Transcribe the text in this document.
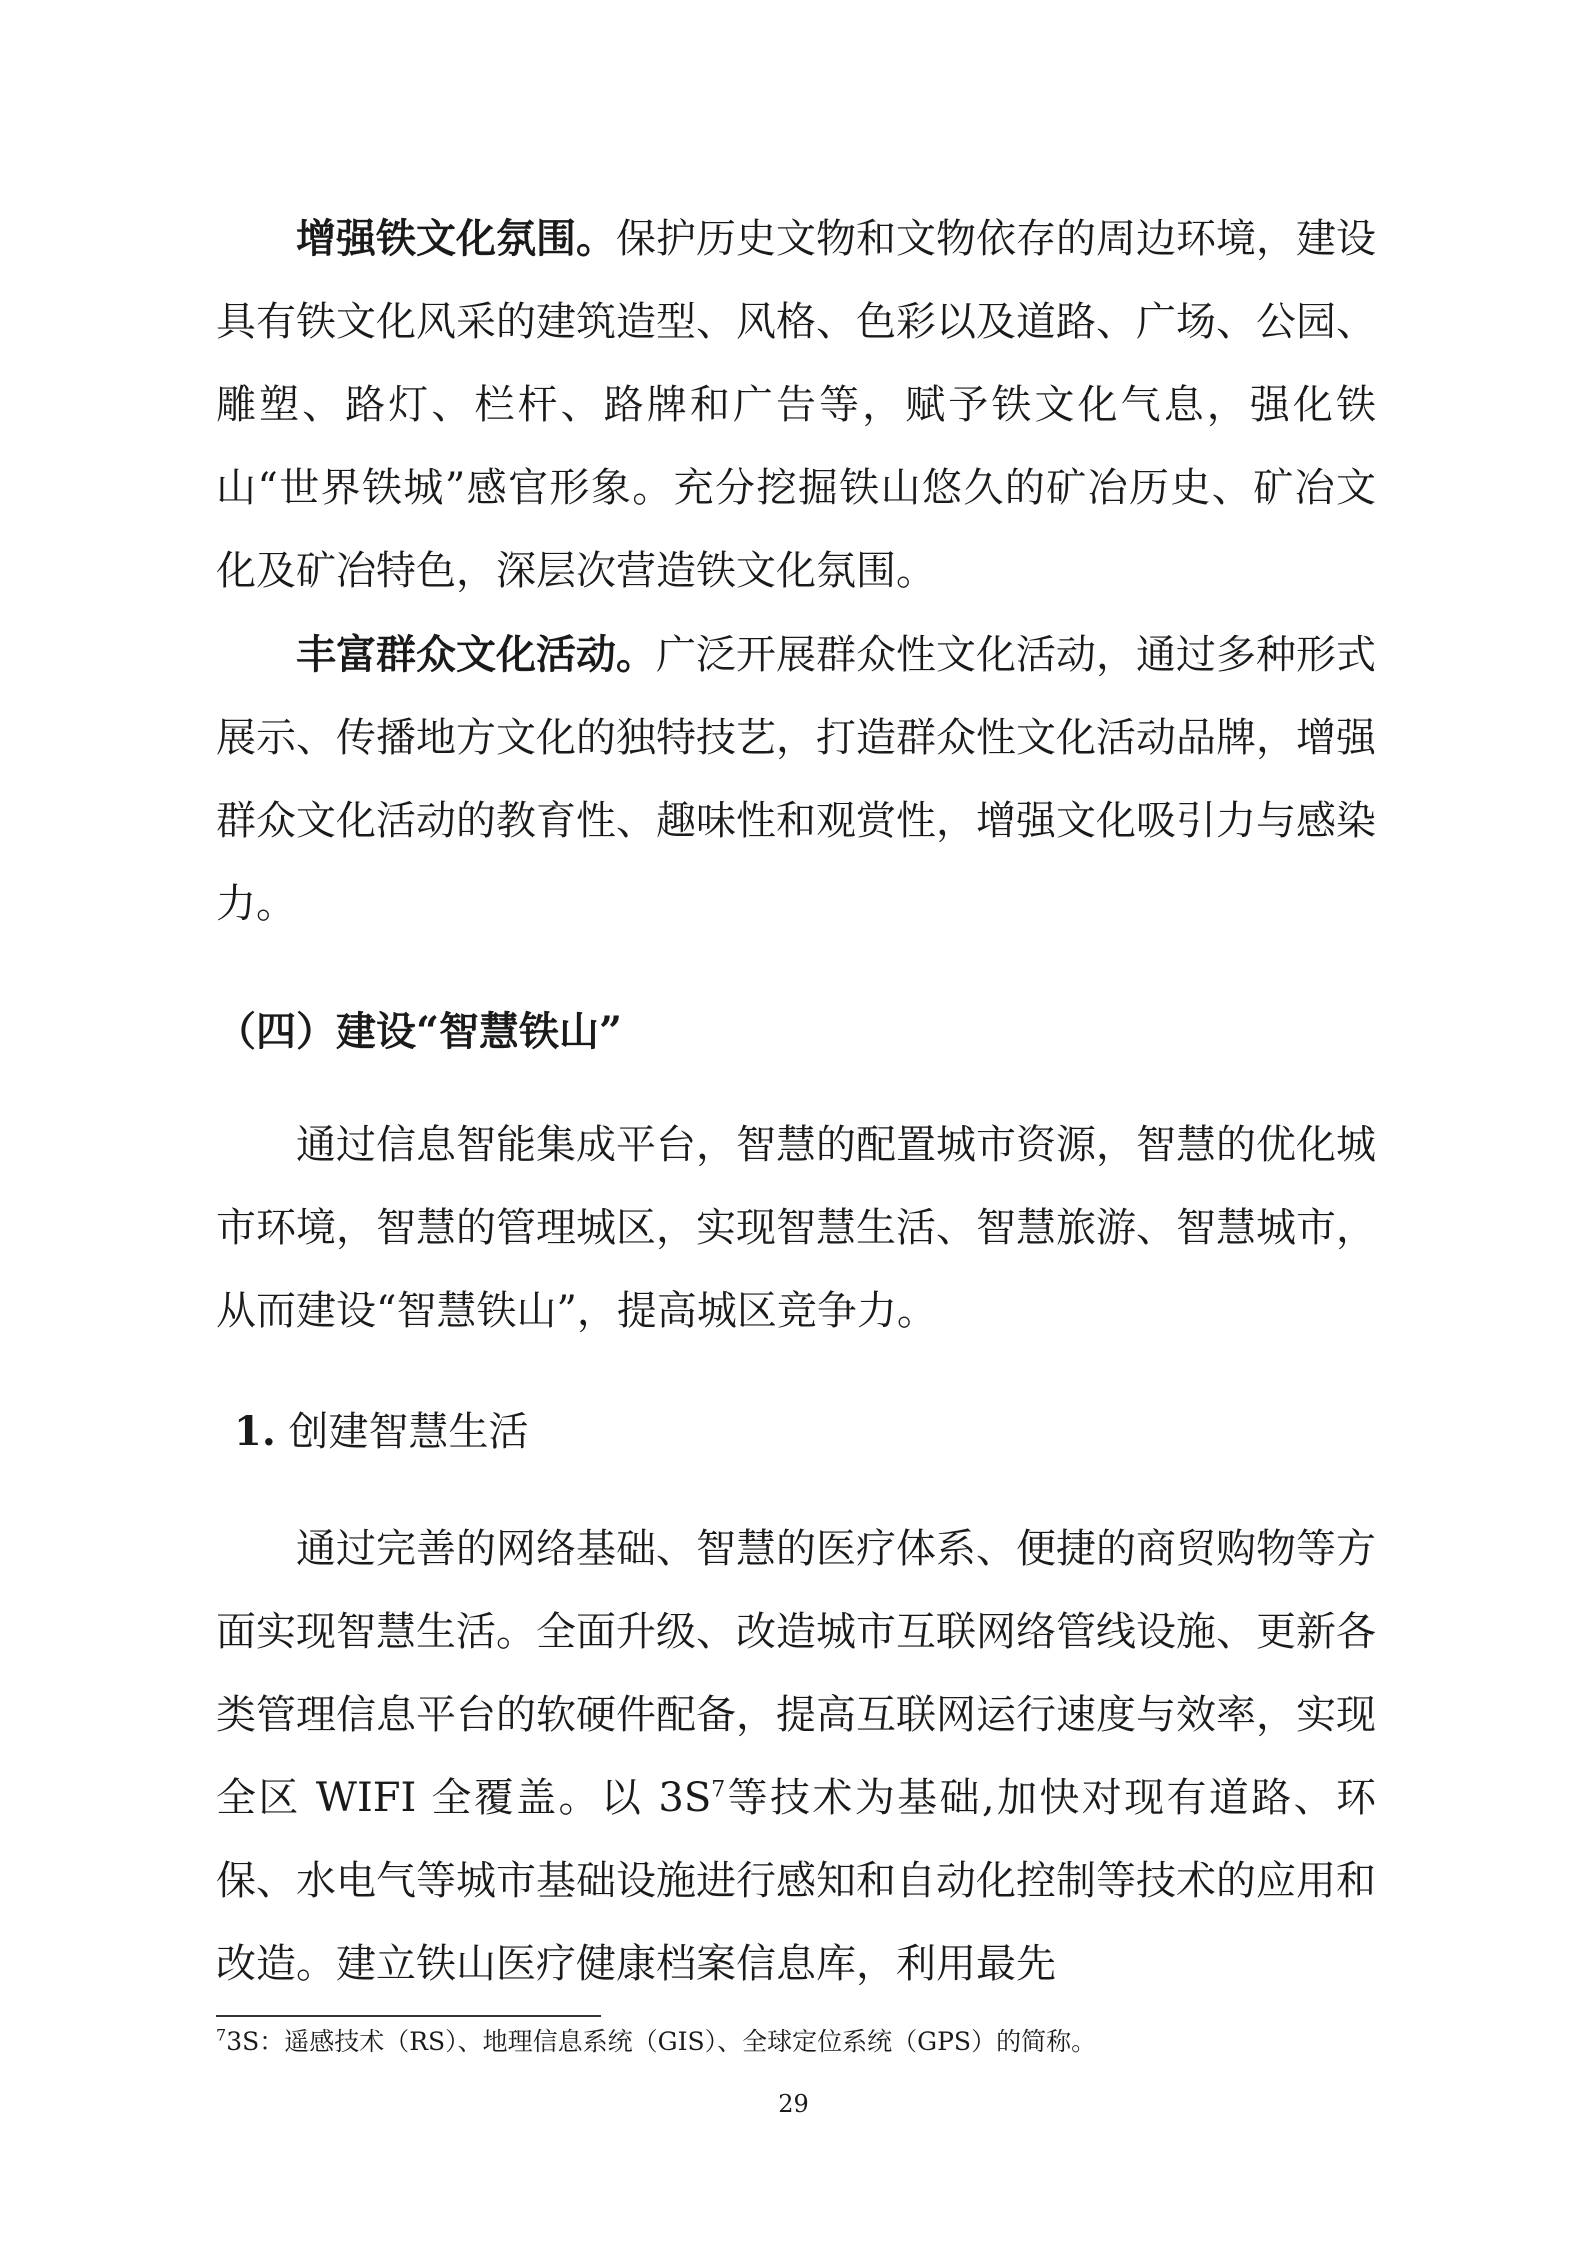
增强铁文化氛围。保护历史文物和文物依存的周边环境，建设具有铁文化风采的建筑造型、风格、色彩以及道路、广场、公园、雕塑、路灯、栏杆、路牌和广告等，赋予铁文化气息，强化铁山“世界铁城”感官形象。充分挖掘铁山悠久的矿冶历史、矿冶文化及矿冶特色，深层次营造铁文化氛围。

丰富群众文化活动。广泛开展群众性文化活动，通过多种形式展示、传播地方文化的独特技艺，打造群众性文化活动品牌，增强群众文化活动的教育性、趣味性和观赏性，增强文化吸引力与感染力。

（四）建设“智慧铁山”

通过信息智能集成平台，智慧的配置城市资源，智慧的优化城市环境，智慧的管理城区，实现智慧生活、智慧旅游、智慧城市，从而建设“智慧铁山”，提高城区竞争力。

1. 创建智慧生活

通过完善的网络基础、智慧的医疗体系、便捷的商贸购物等方面实现智慧生活。全面升级、改造城市互联网络管线设施、更新各类管理信息平台的软硬件配备，提高互联网运行速度与效率，实现全区 WIFI 全覆盖。以 $3S^7$等技术为基础,加快对现有道路、环保、水电气等城市基础设施进行感知和自动化控制等技术的应用和改造。建立铁山医疗健康档案信息库，利用最先

$^7$3S：遥感技术（RS）、地理信息系统（GIS）、全球定位系统（GPS）的简称。
29
